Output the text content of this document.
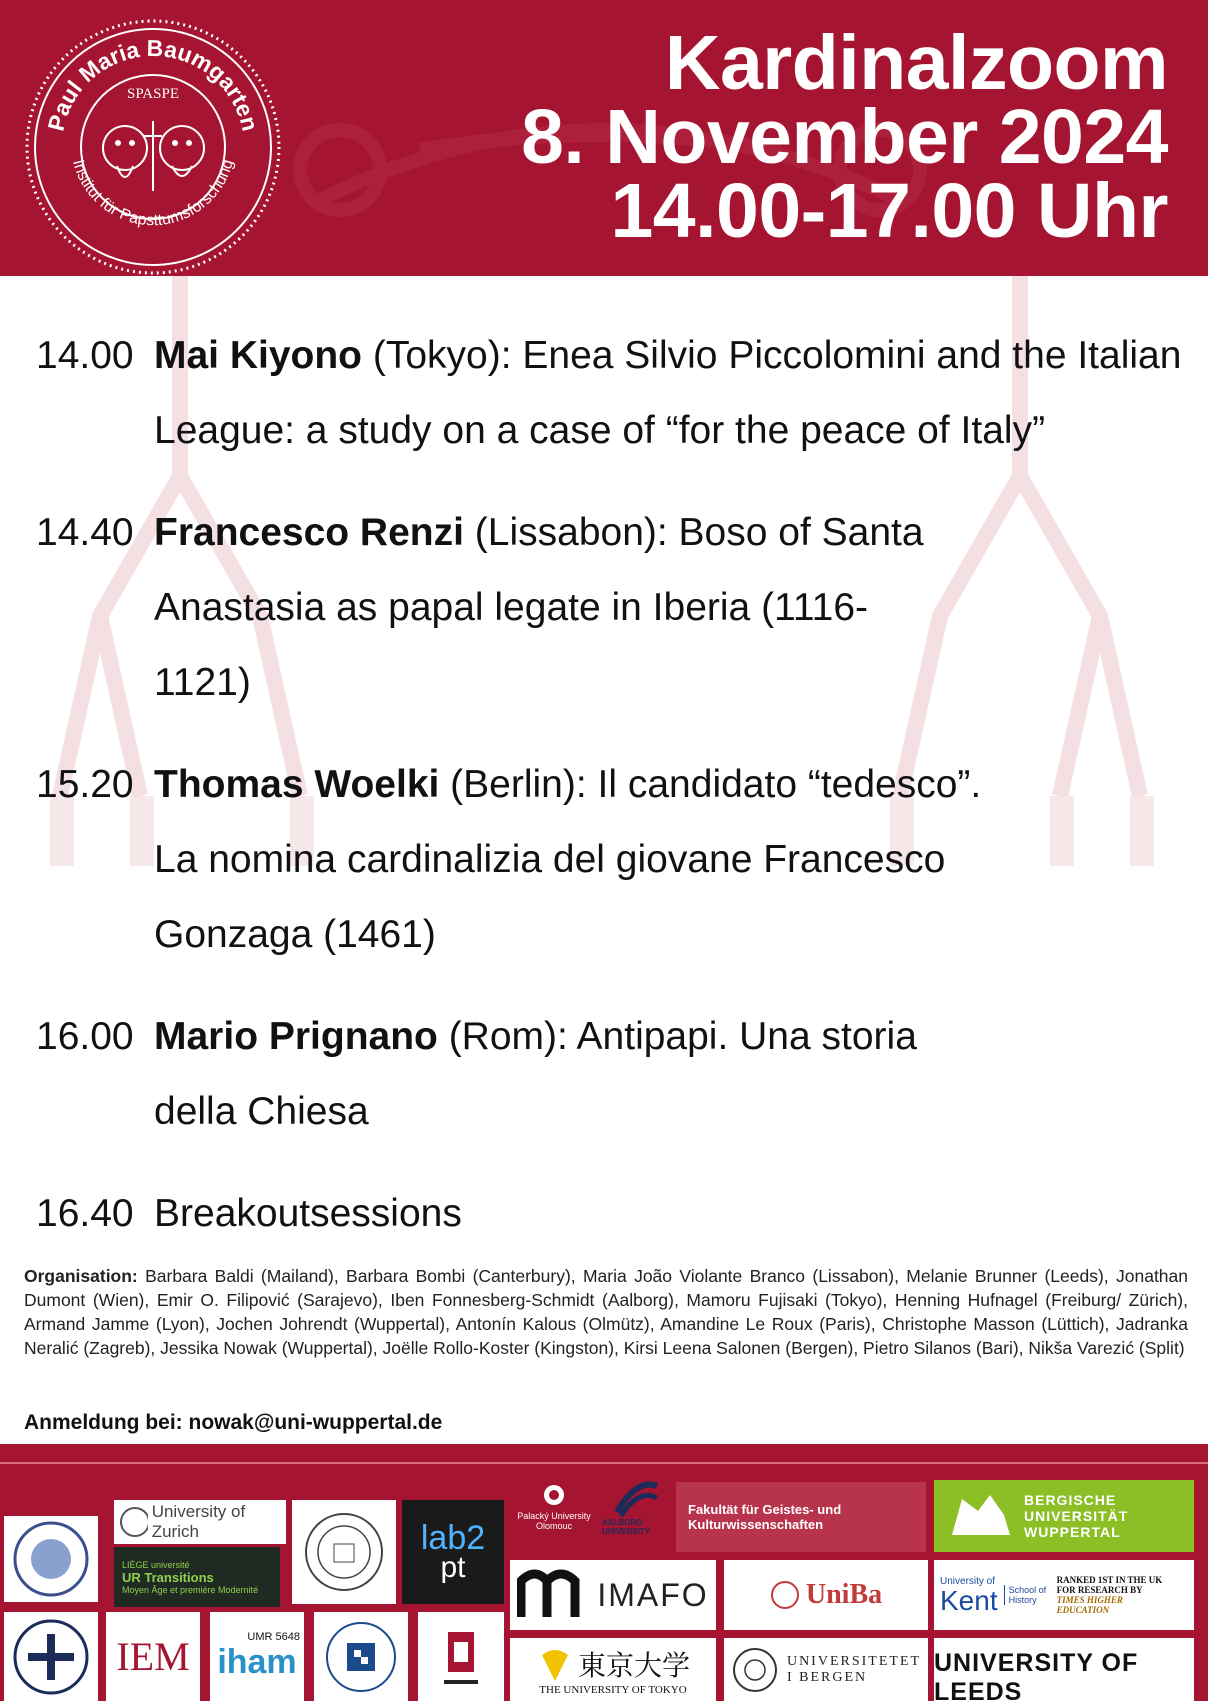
Paul Maria Baumgarten
Institut für Papsttumsforschung
SPASPE	Kardinalzoom
8. November 2024
14.00-17.00 Uhr
14.00 Mai Kiyono (Tokyo): Enea Silvio Piccolomini and the Italian League: a study on a case of “for the peace of Italy”
14.40 Francesco Renzi (Lissabon): Boso of Santa Anastasia as papal legate in Iberia (1116-1121)
15.20 Thomas Woelki (Berlin): Il candidato “tedesco”. La nomina cardinalizia del giovane Francesco Gonzaga (1461)
16.00 Mario Prignano (Rom): Antipapi. Una storia della Chiesa
16.40 Breakoutsessions
Organisation: Barbara Baldi (Mailand), Barbara Bombi (Canterbury), Maria João Violante Branco (Lissabon), Melanie Brunner (Leeds), Jonathan Dumont (Wien), Emir O. Filipović (Sarajevo), Iben Fonnesberg-Schmidt (Aalborg), Mamoru Fujisaki (Tokyo), Henning Hufnagel (Freiburg/ Zürich), Armand Jamme (Lyon), Jochen Johrendt (Wuppertal), Antonín Kalous (Olmütz), Amandine Le Roux (Paris), Christophe Masson (Lüttich), Jadranka Neralić (Zagreb), Jessika Nowak (Wuppertal), Joëlle Rollo-Koster (Kingston), Kirsi Leena Salonen (Bergen), Pietro Silanos (Bari), Nikša Varezić (Split)
Anmeldung bei: nowak@uni-wuppertal.de
University of Zurich
LIÈGE université
UR Transitions
Moyen Âge et première Modernité
lab2
pt
Palacký University
Olomouc	AALBORG UNIVERSITY
Fakultät für Geistes- und
Kulturwissenschaften
BERGISCHE
UNIVERSITÄT
WUPPERTAL
IMAFO	UniBa	University of
Kent	School of History
RANKED 1ST IN THE UK FOR RESEARCH BY
TIMES HIGHER EDUCATION
IEM	UMR 5648
iham	東京大学
THE UNIVERSITY OF TOKYO
UNIVERSITETET
I BERGEN	UNIVERSITY OF LEEDS
